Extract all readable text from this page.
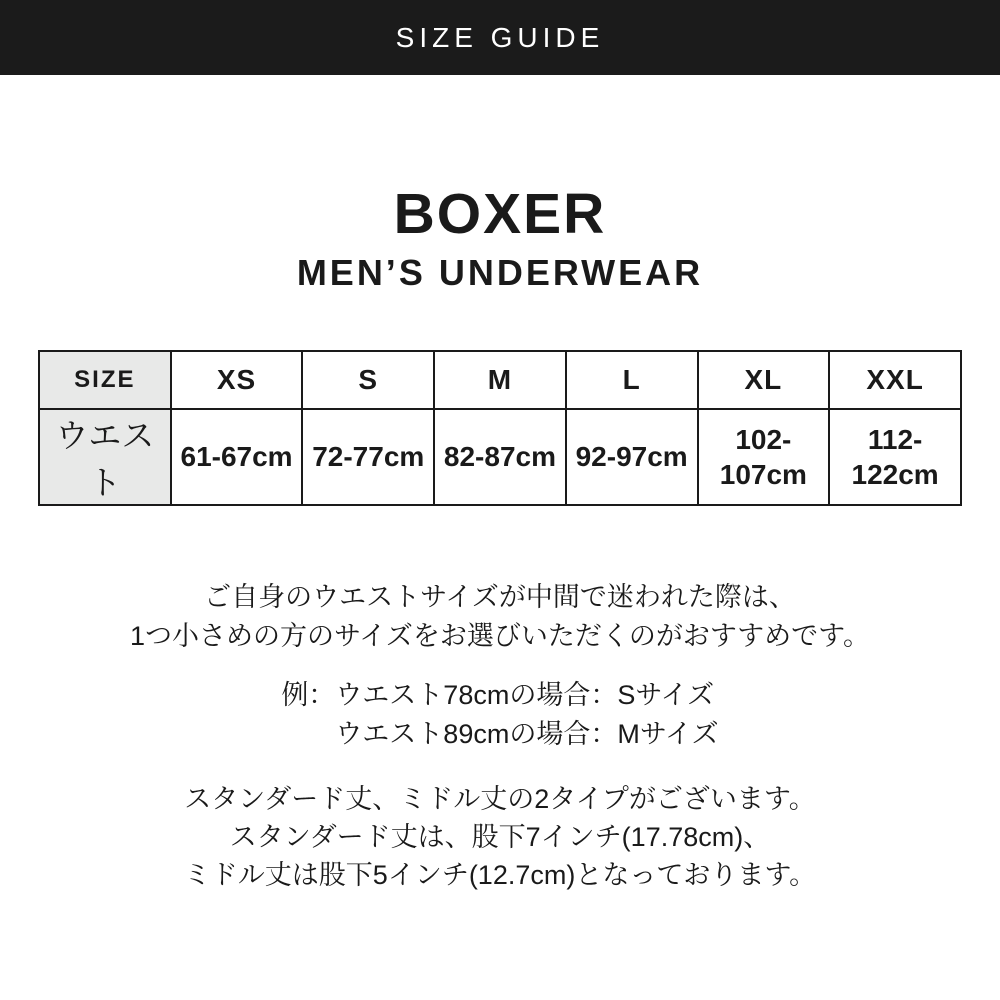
SIZE GUIDE
BOXER
MEN’S UNDERWEAR
SIZE	XS	S	M	L	XL	XXL
ウエスト	61-67cm	72-77cm	82-87cm	92-97cm	102-107cm	112-122cm
ご自身のウエストサイズが中間で迷われた際は、
1つ小さめの方のサイズをお選びいただくのがおすすめです。
例：ウエスト78cmの場合：Sサイズ
ウエスト89cmの場合：Mサイズ
スタンダード丈、ミドル丈の2タイプがございます。
スタンダード丈は、股下7インチ(17.78cm)、
ミドル丈は股下5インチ(12.7cm)となっております。
